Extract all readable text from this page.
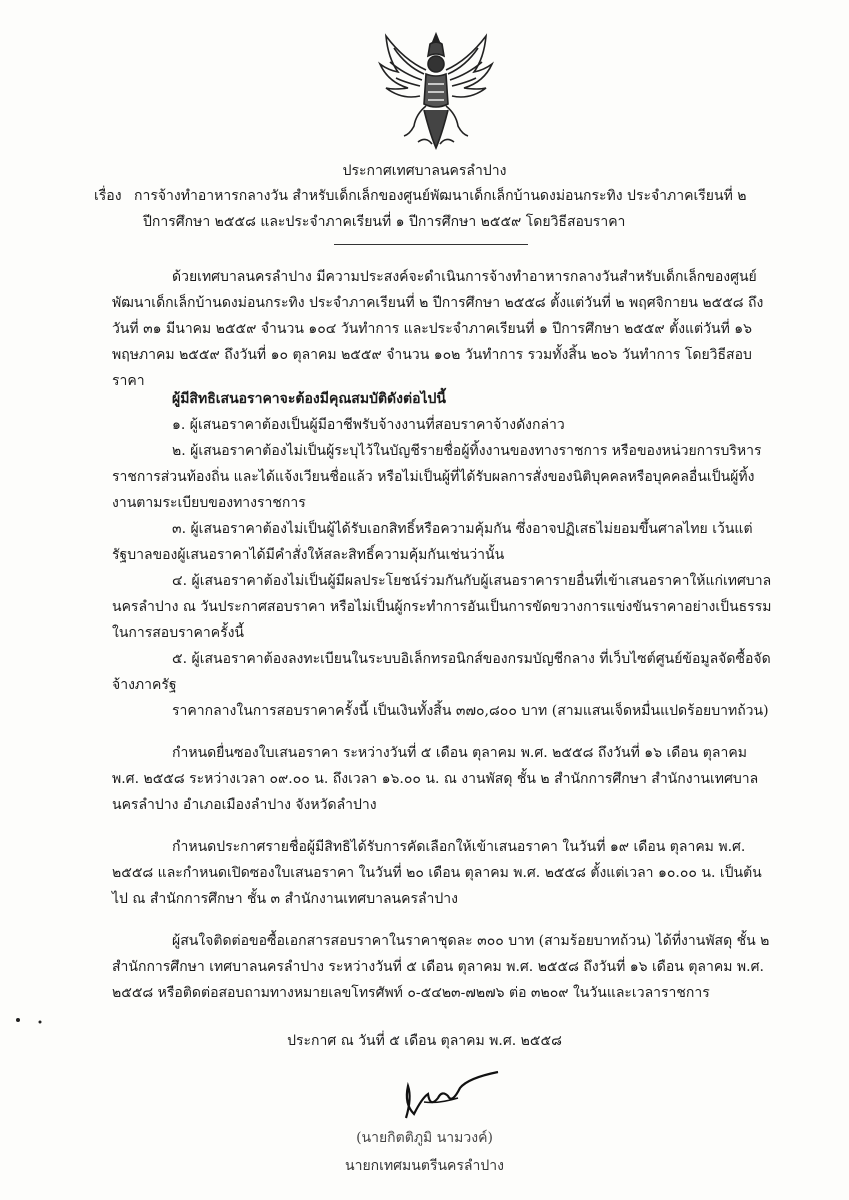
ประกาศเทศบาลนครลำปาง
เรื่อง การจ้างทำอาหารกลางวัน สำหรับเด็กเล็กของศูนย์พัฒนาเด็กเล็กบ้านดงม่อนกระทิง ประจำภาคเรียนที่ ๒
ปีการศึกษา ๒๕๕๘ และประจำภาคเรียนที่ ๑ ปีการศึกษา ๒๕๕๙ โดยวิธีสอบราคา
ด้วยเทศบาลนครลำปาง มีความประสงค์จะดำเนินการจ้างทำอาหารกลางวันสำหรับเด็กเล็กของศูนย์พัฒนาเด็กเล็กบ้านดงม่อนกระทิง ประจำภาคเรียนที่ ๒ ปีการศึกษา ๒๕๕๘ ตั้งแต่วันที่ ๒ พฤศจิกายน ๒๕๕๘ ถึงวันที่ ๓๑ มีนาคม ๒๕๕๙ จำนวน ๑๐๔ วันทำการ และประจำภาคเรียนที่ ๑ ปีการศึกษา ๒๕๕๙ ตั้งแต่วันที่ ๑๖ พฤษภาคม ๒๕๕๙ ถึงวันที่ ๑๐ ตุลาคม ๒๕๕๙ จำนวน ๑๐๒ วันทำการ รวมทั้งสิ้น ๒๐๖ วันทำการ โดยวิธีสอบราคา
ผู้มีสิทธิเสนอราคาจะต้องมีคุณสมบัติดังต่อไปนี้
๑. ผู้เสนอราคาต้องเป็นผู้มีอาชีพรับจ้างงานที่สอบราคาจ้างดังกล่าว
๒. ผู้เสนอราคาต้องไม่เป็นผู้ระบุไว้ในบัญชีรายชื่อผู้ทิ้งงานของทางราชการ หรือของหน่วยการบริหารราชการส่วนท้องถิ่น และได้แจ้งเวียนชื่อแล้ว หรือไม่เป็นผู้ที่ได้รับผลการสั่งของนิติบุคคลหรือบุคคลอื่นเป็นผู้ทิ้งงานตามระเบียบของทางราชการ
๓. ผู้เสนอราคาต้องไม่เป็นผู้ได้รับเอกสิทธิ์หรือความคุ้มกัน ซึ่งอาจปฏิเสธไม่ยอมขึ้นศาลไทย เว้นแต่รัฐบาลของผู้เสนอราคาได้มีคำสั่งให้สละสิทธิ์ความคุ้มกันเช่นว่านั้น
๔. ผู้เสนอราคาต้องไม่เป็นผู้มีผลประโยชน์ร่วมกันกับผู้เสนอราคารายอื่นที่เข้าเสนอราคาให้แก่เทศบาลนครลำปาง ณ วันประกาศสอบราคา หรือไม่เป็นผู้กระทำการอันเป็นการขัดขวางการแข่งขันราคาอย่างเป็นธรรมในการสอบราคาครั้งนี้
๕. ผู้เสนอราคาต้องลงทะเบียนในระบบอิเล็กทรอนิกส์ของกรมบัญชีกลาง ที่เว็บไซต์ศูนย์ข้อมูลจัดซื้อจัดจ้างภาครัฐ
ราคากลางในการสอบราคาครั้งนี้ เป็นเงินทั้งสิ้น ๓๗๐,๘๐๐ บาท (สามแสนเจ็ดหมื่นแปดร้อยบาทถ้วน)
กำหนดยื่นซองใบเสนอราคา ระหว่างวันที่ ๕ เดือน ตุลาคม พ.ศ. ๒๕๕๘ ถึงวันที่ ๑๖ เดือน ตุลาคม พ.ศ. ๒๕๕๘ ระหว่างเวลา ๐๙.๐๐ น. ถึงเวลา ๑๖.๐๐ น. ณ งานพัสดุ ชั้น ๒ สำนักการศึกษา สำนักงานเทศบาลนครลำปาง อำเภอเมืองลำปาง จังหวัดลำปาง
กำหนดประกาศรายชื่อผู้มีสิทธิได้รับการคัดเลือกให้เข้าเสนอราคา ในวันที่ ๑๙ เดือน ตุลาคม พ.ศ. ๒๕๕๘ และกำหนดเปิดซองใบเสนอราคา ในวันที่ ๒๐ เดือน ตุลาคม พ.ศ. ๒๕๕๘ ตั้งแต่เวลา ๑๐.๐๐ น. เป็นต้นไป ณ สำนักการศึกษา ชั้น ๓ สำนักงานเทศบาลนครลำปาง
ผู้สนใจติดต่อขอซื้อเอกสารสอบราคาในราคาชุดละ ๓๐๐ บาท (สามร้อยบาทถ้วน) ได้ที่งานพัสดุ ชั้น ๒ สำนักการศึกษา เทศบาลนครลำปาง ระหว่างวันที่ ๕ เดือน ตุลาคม พ.ศ. ๒๕๕๘ ถึงวันที่ ๑๖ เดือน ตุลาคม พ.ศ. ๒๕๕๘ หรือติดต่อสอบถามทางหมายเลขโทรศัพท์ ๐-๕๔๒๓-๗๒๗๖ ต่อ ๓๒๐๙ ในวันและเวลาราชการ
ประกาศ ณ วันที่ ๕ เดือน ตุลาคม พ.ศ. ๒๕๕๘
(นายกิตติภูมิ นามวงค์)
นายกเทศมนตรีนครลำปาง
